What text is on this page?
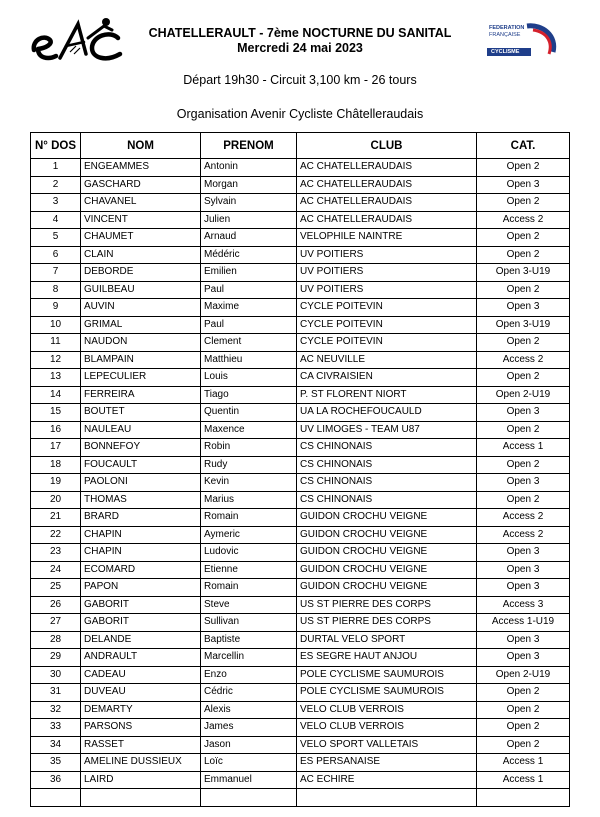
CHATELLERAULT - 7ème NOCTURNE DU SANITAL
Mercredi 24 mai 2023
FEDERATION
FRANÇAISE
CYCLISME
Départ 19h30 - Circuit 3,100 km - 26 tours
Organisation Avenir Cycliste Châtelleraudais
N° DOS	NOM	PRENOM	CLUB	CAT.
1	ENGEAMMES	Antonin	AC CHATELLERAUDAIS	Open 2
2	GASCHARD	Morgan	AC CHATELLERAUDAIS	Open 3
3	CHAVANEL	Sylvain	AC CHATELLERAUDAIS	Open 2
4	VINCENT	Julien	AC CHATELLERAUDAIS	Access 2
5	CHAUMET	Arnaud	VELOPHILE NAINTRE	Open 2
6	CLAIN	Médéric	UV POITIERS	Open 2
7	DEBORDE	Emilien	UV POITIERS	Open 3-U19
8	GUILBEAU	Paul	UV POITIERS	Open 2
9	AUVIN	Maxime	CYCLE POITEVIN	Open 3
10	GRIMAL	Paul	CYCLE POITEVIN	Open 3-U19
11	NAUDON	Clement	CYCLE POITEVIN	Open 2
12	BLAMPAIN	Matthieu	AC NEUVILLE	Access 2
13	LEPECULIER	Louis	CA CIVRAISIEN	Open 2
14	FERREIRA	Tiago	P. ST FLORENT NIORT	Open 2-U19
15	BOUTET	Quentin	UA LA ROCHEFOUCAULD	Open 3
16	NAULEAU	Maxence	UV LIMOGES - TEAM U87	Open 2
17	BONNEFOY	Robin	CS CHINONAIS	Access 1
18	FOUCAULT	Rudy	CS CHINONAIS	Open 2
19	PAOLONI	Kevin	CS CHINONAIS	Open 3
20	THOMAS	Marius	CS CHINONAIS	Open 2
21	BRARD	Romain	GUIDON CROCHU VEIGNE	Access 2
22	CHAPIN	Aymeric	GUIDON CROCHU VEIGNE	Access 2
23	CHAPIN	Ludovic	GUIDON CROCHU VEIGNE	Open 3
24	ECOMARD	Etienne	GUIDON CROCHU VEIGNE	Open 3
25	PAPON	Romain	GUIDON CROCHU VEIGNE	Open 3
26	GABORIT	Steve	US ST PIERRE DES CORPS	Access 3
27	GABORIT	Sullivan	US ST PIERRE DES CORPS	Access 1-U19
28	DELANDE	Baptiste	DURTAL VELO SPORT	Open 3
29	ANDRAULT	Marcellin	ES SEGRE HAUT ANJOU	Open 3
30	CADEAU	Enzo	POLE CYCLISME SAUMUROIS	Open 2-U19
31	DUVEAU	Cédric	POLE CYCLISME SAUMUROIS	Open 2
32	DEMARTY	Alexis	VELO CLUB VERROIS	Open 2
33	PARSONS	James	VELO CLUB VERROIS	Open 2
34	RASSET	Jason	VELO SPORT VALLETAIS	Open 2
35	AMELINE DUSSIEUX	Loïc	ES PERSANAISE	Access 1
36	LAIRD	Emmanuel	AC ECHIRE	Access 1
